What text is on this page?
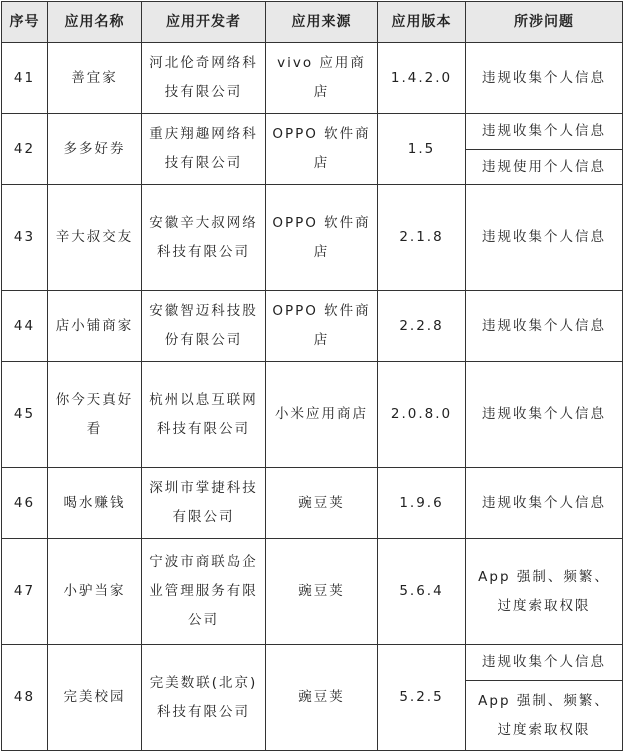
序号	应用名称	应用开发者	应用来源	应用版本	所涉问题
41	善宜家	河北伦奇网络科技有限公司	vivo 应用商店	1.4.2.0	违规收集个人信息
42	多多好券	重庆翔趣网络科技有限公司	OPPO 软件商店	1.5	违规收集个人信息
					违规使用个人信息
43	辛大叔交友	安徽辛大叔网络科技有限公司	OPPO 软件商店	2.1.8	违规收集个人信息
44	店小铺商家	安徽智迈科技股份有限公司	OPPO 软件商店	2.2.8	违规收集个人信息
45	你今天真好看	杭州以息互联网科技有限公司	小米应用商店	2.0.8.0	违规收集个人信息
46	喝水赚钱	深圳市掌捷科技有限公司	豌豆荚	1.9.6	违规收集个人信息
47	小驴当家	宁波市商联岛企业管理服务有限公司	豌豆荚	5.6.4	App 强制、频繁、过度索取权限
48	完美校园	完美数联(北京)科技有限公司	豌豆荚	5.2.5	违规收集个人信息
					App 强制、频繁、过度索取权限
